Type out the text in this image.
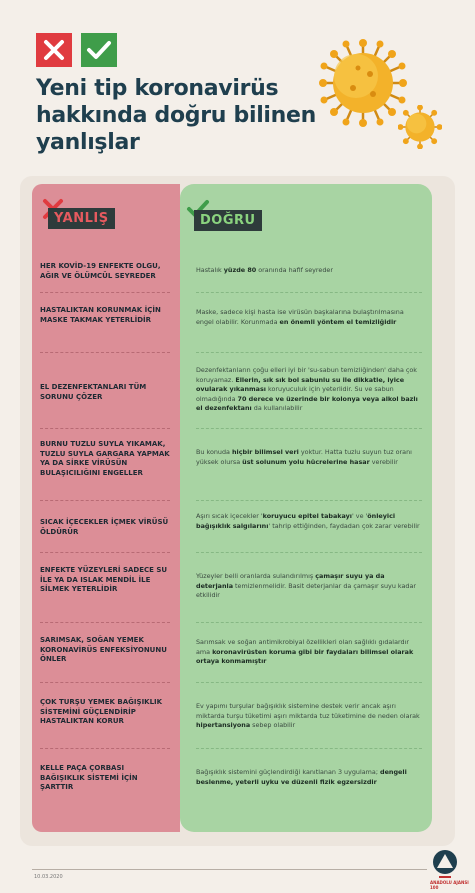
Yeni tip koronavirüs hakkında doğru bilinen yanlışlar
YANLIŞ	DOĞRU
HER KOVİD-19 ENFEKTE OLGU, AĞIR VE ÖLÜMCÜL SEYREDER
Hastalık yüzde 80 oranında hafif seyreder
HASTALIKTAN KORUNMAK İÇİN MASKE TAKMAK YETERLİDİR
Maske, sadece kişi hasta ise virüsün başkalarına bulaştırılmasına engel olabilir. Korunmada en önemli yöntem el temizliğidir
EL DEZENFEKTANLARI TÜM SORUNU ÇÖZER
Dezenfektanların çoğu elleri iyi bir 'su-sabun temizliğinden' daha çok koruyamaz. Ellerin, sık sık bol sabunlu su ile dikkatle, iyice ovularak yıkanması koruyuculuk için yeterlidir. Su ve sabun olmadığında 70 derece ve üzerinde bir kolonya veya alkol bazlı el dezenfektanı da kullanılabilir
BURNU TUZLU SUYLA YIKAMAK, TUZLU SUYLA GARGARA YAPMAK YA DA SİRKE VİRÜSÜN BULAŞICILIĞINI ENGELLER
Bu konuda hiçbir bilimsel veri yoktur. Hatta tuzlu suyun tuz oranı yüksek olursa üst solunum yolu hücrelerine hasar verebilir
SICAK İÇECEKLER İÇMEK VİRÜSÜ ÖLDÜRÜR
Aşırı sıcak içecekler 'koruyucu epitel tabakayı' ve 'önleyici bağışıklık salgılarını' tahrip ettiğinden, faydadan çok zarar verebilir
ENFEKTE YÜZEYLERİ SADECE SU İLE YA DA ISLAK MENDİL İLE SİLMEK YETERLİDİR
Yüzeyler belli oranlarda sulandırılmış çamaşır suyu ya da deterjanla temizlenmelidir. Basit deterjanlar da çamaşır suyu kadar etkilidir
SARIMSAK, SOĞAN YEMEK KORONAVİRÜS ENFEKSİYONUNU ÖNLER
Sarımsak ve soğan antimikrobiyal özellikleri olan sağlıklı gıdalardır ama koronavirüsten koruma gibi bir faydaları bilimsel olarak ortaya konmamıştır
ÇOK TURŞU YEMEK BAĞIŞIKLIK SİSTEMİNİ GÜÇLENDİRİP HASTALIKTAN KORUR
Ev yapımı turşular bağışıklık sistemine destek verir ancak aşırı miktarda turşu tüketimi aşırı miktarda tuz tüketimine de neden olarak hipertansiyona sebep olabilir
KELLE PAÇA ÇORBASI BAĞIŞIKLIK SİSTEMİ İÇİN ŞARTTIR
Bağışıklık sistemini güçlendirdiği kanıtlanan 3 uygulama; dengeli beslenme, yeterli uyku ve düzenli fizik egzersizdir
10.03.2020
ANADOLU AJANSI 100
